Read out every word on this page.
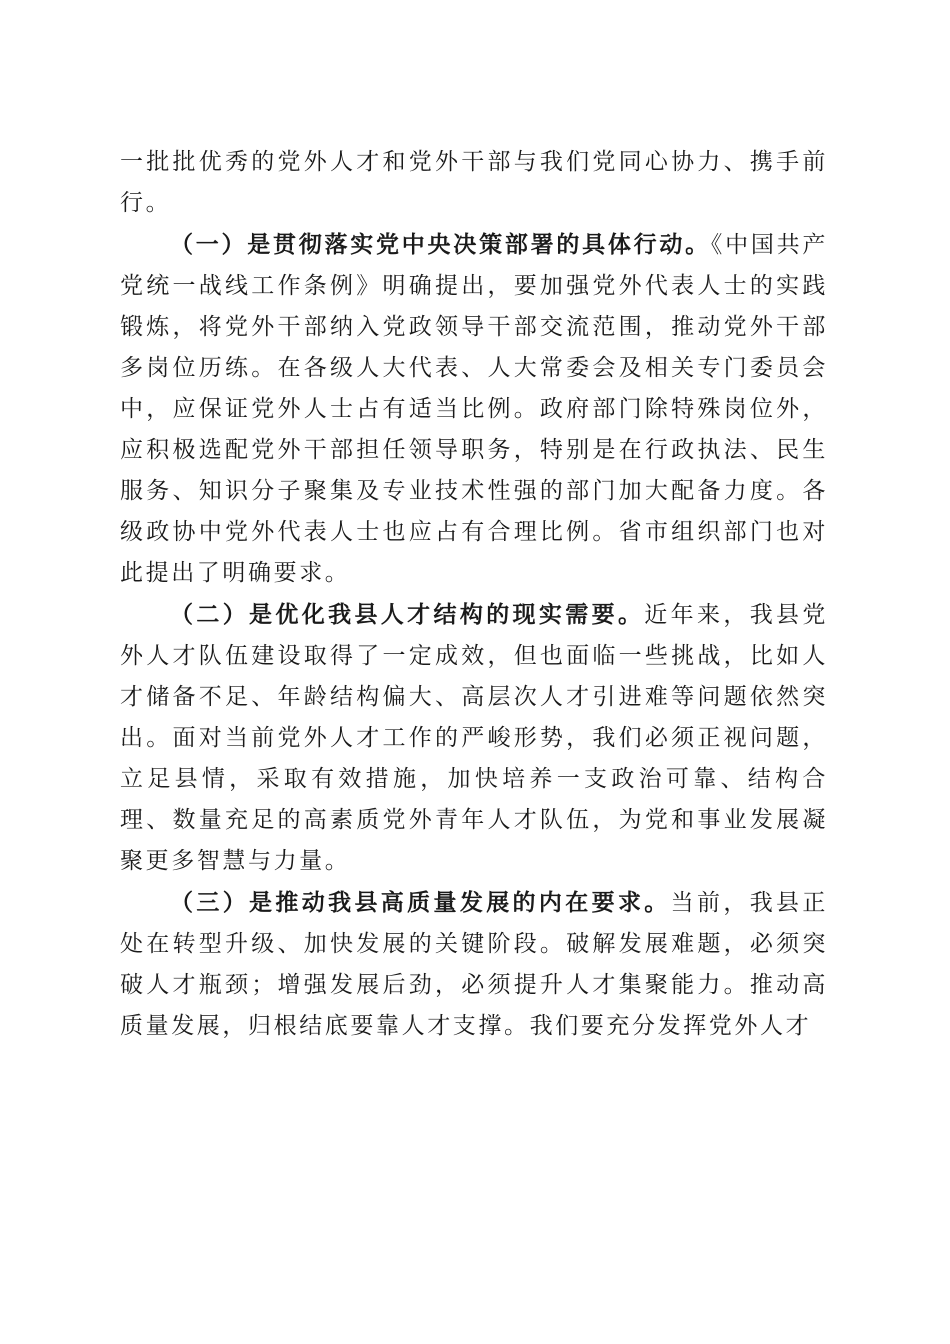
一批批优秀的党外人才和党外干部与我们党同心协力、携手前行。

（一）是贯彻落实党中央决策部署的具体行动。《中国共产党统一战线工作条例》明确提出，要加强党外代表人士的实践锻炼，将党外干部纳入党政领导干部交流范围，推动党外干部多岗位历练。在各级人大代表、人大常委会及相关专门委员会中，应保证党外人士占有适当比例。政府部门除特殊岗位外，应积极选配党外干部担任领导职务，特别是在行政执法、民生服务、知识分子聚集及专业技术性强的部门加大配备力度。各级政协中党外代表人士也应占有合理比例。省市组织部门也对此提出了明确要求。

（二）是优化我县人才结构的现实需要。近年来，我县党外人才队伍建设取得了一定成效，但也面临一些挑战，比如人才储备不足、年龄结构偏大、高层次人才引进难等问题依然突出。面对当前党外人才工作的严峻形势，我们必须正视问题，立足县情，采取有效措施，加快培养一支政治可靠、结构合理、数量充足的高素质党外青年人才队伍，为党和事业发展凝聚更多智慧与力量。

（三）是推动我县高质量发展的内在要求。当前，我县正处在转型升级、加快发展的关键阶段。破解发展难题，必须突破人才瓶颈；增强发展后劲，必须提升人才集聚能力。推动高质量发展，归根结底要靠人才支撑。我们要充分发挥党外人才
